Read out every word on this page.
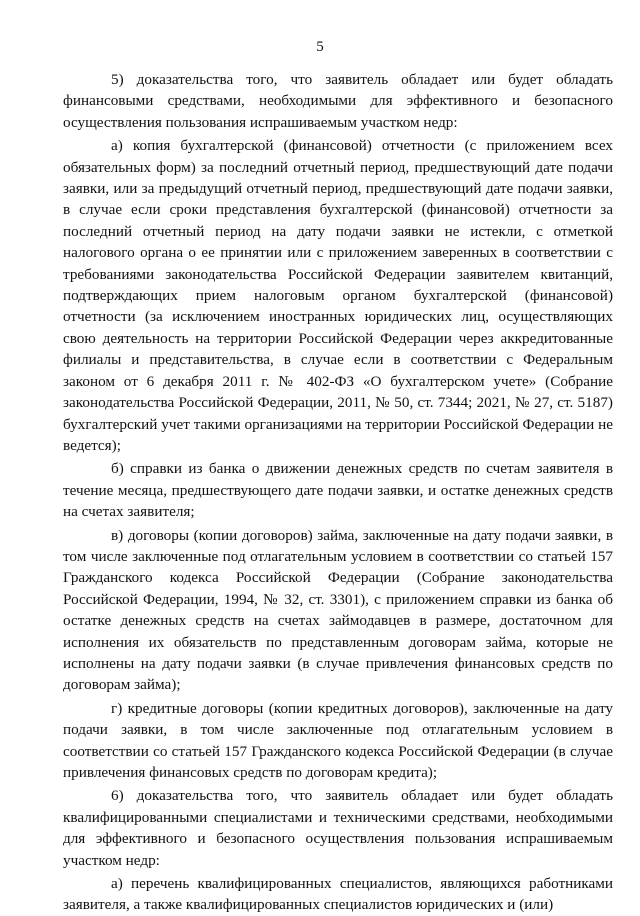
5

5) доказательства того, что заявитель обладает или будет обладать финансовыми средствами, необходимыми для эффективного и безопасного осуществления пользования испрашиваемым участком недр:

а) копия бухгалтерской (финансовой) отчетности (с приложением всех обязательных форм) за последний отчетный период, предшествующий дате подачи заявки, или за предыдущий отчетный период, предшествующий дате подачи заявки, в случае если сроки представления бухгалтерской (финансовой) отчетности за последний отчетный период на дату подачи заявки не истекли, с отметкой налогового органа о ее принятии или с приложением заверенных в соответствии с требованиями законодательства Российской Федерации заявителем квитанций, подтверждающих прием налоговым органом бухгалтерской (финансовой) отчетности (за исключением иностранных юридических лиц, осуществляющих свою деятельность на территории Российской Федерации через аккредитованные филиалы и представительства, в случае если в соответствии с Федеральным законом от 6 декабря 2011 г. № 402-ФЗ «О бухгалтерском учете» (Собрание законодательства Российской Федерации, 2011, № 50, ст. 7344; 2021, № 27, ст. 5187) бухгалтерский учет такими организациями на территории Российской Федерации не ведется);

б) справки из банка о движении денежных средств по счетам заявителя в течение месяца, предшествующего дате подачи заявки, и остатке денежных средств на счетах заявителя;

в) договоры (копии договоров) займа, заключенные на дату подачи заявки, в том числе заключенные под отлагательным условием в соответствии со статьей 157 Гражданского кодекса Российской Федерации (Собрание законодательства Российской Федерации, 1994, № 32, ст. 3301), с приложением справки из банка об остатке денежных средств на счетах займодавцев в размере, достаточном для исполнения их обязательств по представленным договорам займа, которые не исполнены на дату подачи заявки (в случае привлечения финансовых средств по договорам займа);

г) кредитные договоры (копии кредитных договоров), заключенные на дату подачи заявки, в том числе заключенные под отлагательным условием в соответствии со статьей 157 Гражданского кодекса Российской Федерации (в случае привлечения финансовых средств по договорам кредита);

6) доказательства того, что заявитель обладает или будет обладать квалифицированными специалистами и техническими средствами, необходимыми для эффективного и безопасного осуществления пользования испрашиваемым участком недр:

а) перечень квалифицированных специалистов, являющихся работниками заявителя, а также квалифицированных специалистов юридических и (или)
